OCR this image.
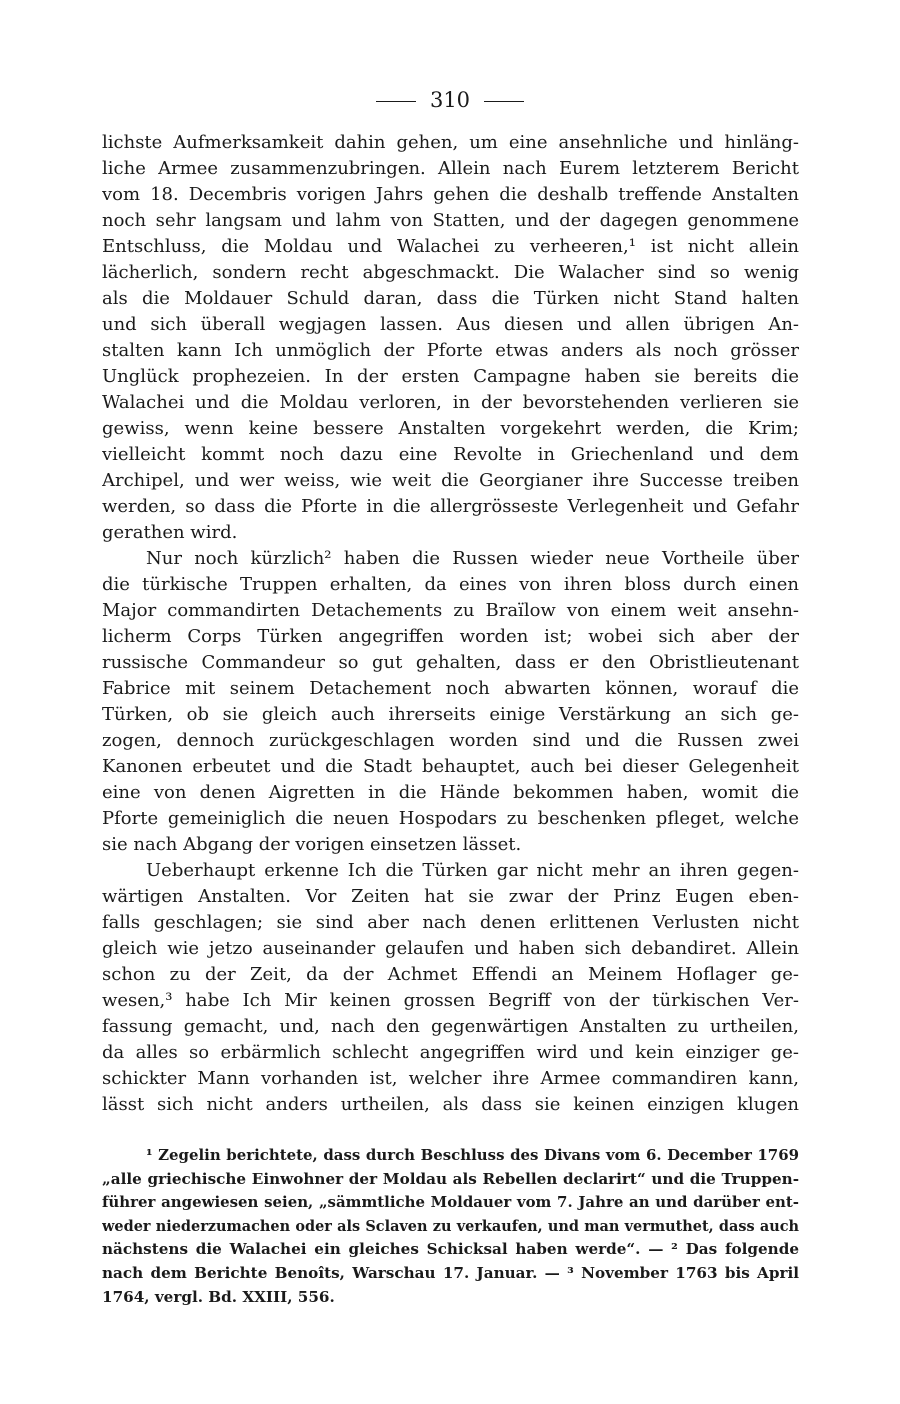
310
lichste Aufmerksamkeit dahin gehen, um eine ansehnliche und hinläng-
liche Armee zusammenzubringen. Allein nach Eurem letzterem Bericht
vom 18. Decembris vorigen Jahrs gehen die deshalb treffende Anstalten
noch sehr langsam und lahm von Statten, und der dagegen genommene
Entschluss, die Moldau und Walachei zu verheeren,¹ ist nicht allein
lächerlich, sondern recht abgeschmackt. Die Walacher sind so wenig
als die Moldauer Schuld daran, dass die Türken nicht Stand halten
und sich überall wegjagen lassen. Aus diesen und allen übrigen An-
stalten kann Ich unmöglich der Pforte etwas anders als noch grösser
Unglück prophezeien. In der ersten Campagne haben sie bereits die
Walachei und die Moldau verloren, in der bevorstehenden verlieren sie
gewiss, wenn keine bessere Anstalten vorgekehrt werden, die Krim;
vielleicht kommt noch dazu eine Revolte in Griechenland und dem
Archipel, und wer weiss, wie weit die Georgianer ihre Successe treiben
werden, so dass die Pforte in die allergrösseste Verlegenheit und Gefahr
gerathen wird.
Nur noch kürzlich² haben die Russen wieder neue Vortheile über
die türkische Truppen erhalten, da eines von ihren bloss durch einen
Major commandirten Detachements zu Braïlow von einem weit ansehn-
licherm Corps Türken angegriffen worden ist; wobei sich aber der
russische Commandeur so gut gehalten, dass er den Obristlieutenant
Fabrice mit seinem Detachement noch abwarten können, worauf die
Türken, ob sie gleich auch ihrerseits einige Verstärkung an sich ge-
zogen, dennoch zurückgeschlagen worden sind und die Russen zwei
Kanonen erbeutet und die Stadt behauptet, auch bei dieser Gelegenheit
eine von denen Aigretten in die Hände bekommen haben, womit die
Pforte gemeiniglich die neuen Hospodars zu beschenken pfleget, welche
sie nach Abgang der vorigen einsetzen lässet.
Ueberhaupt erkenne Ich die Türken gar nicht mehr an ihren gegen-
wärtigen Anstalten. Vor Zeiten hat sie zwar der Prinz Eugen eben-
falls geschlagen; sie sind aber nach denen erlittenen Verlusten nicht
gleich wie jetzo auseinander gelaufen und haben sich debandiret. Allein
schon zu der Zeit, da der Achmet Effendi an Meinem Hoflager ge-
wesen,³ habe Ich Mir keinen grossen Begriff von der türkischen Ver-
fassung gemacht, und, nach den gegenwärtigen Anstalten zu urtheilen,
da alles so erbärmlich schlecht angegriffen wird und kein einziger ge-
schickter Mann vorhanden ist, welcher ihre Armee commandiren kann,
lässt sich nicht anders urtheilen, als dass sie keinen einzigen klugen
¹ Zegelin berichtete, dass durch Beschluss des Divans vom 6. December 1769
„alle griechische Einwohner der Moldau als Rebellen declarirt“ und die Truppen-
führer angewiesen seien, „sämmtliche Moldauer vom 7. Jahre an und darüber ent-
weder niederzumachen oder als Sclaven zu verkaufen, und man vermuthet, dass auch
nächstens die Walachei ein gleiches Schicksal haben werde“. — ² Das folgende
nach dem Berichte Benoîts, Warschau 17. Januar. — ³ November 1763 bis April
1764, vergl. Bd. XXIII, 556.
